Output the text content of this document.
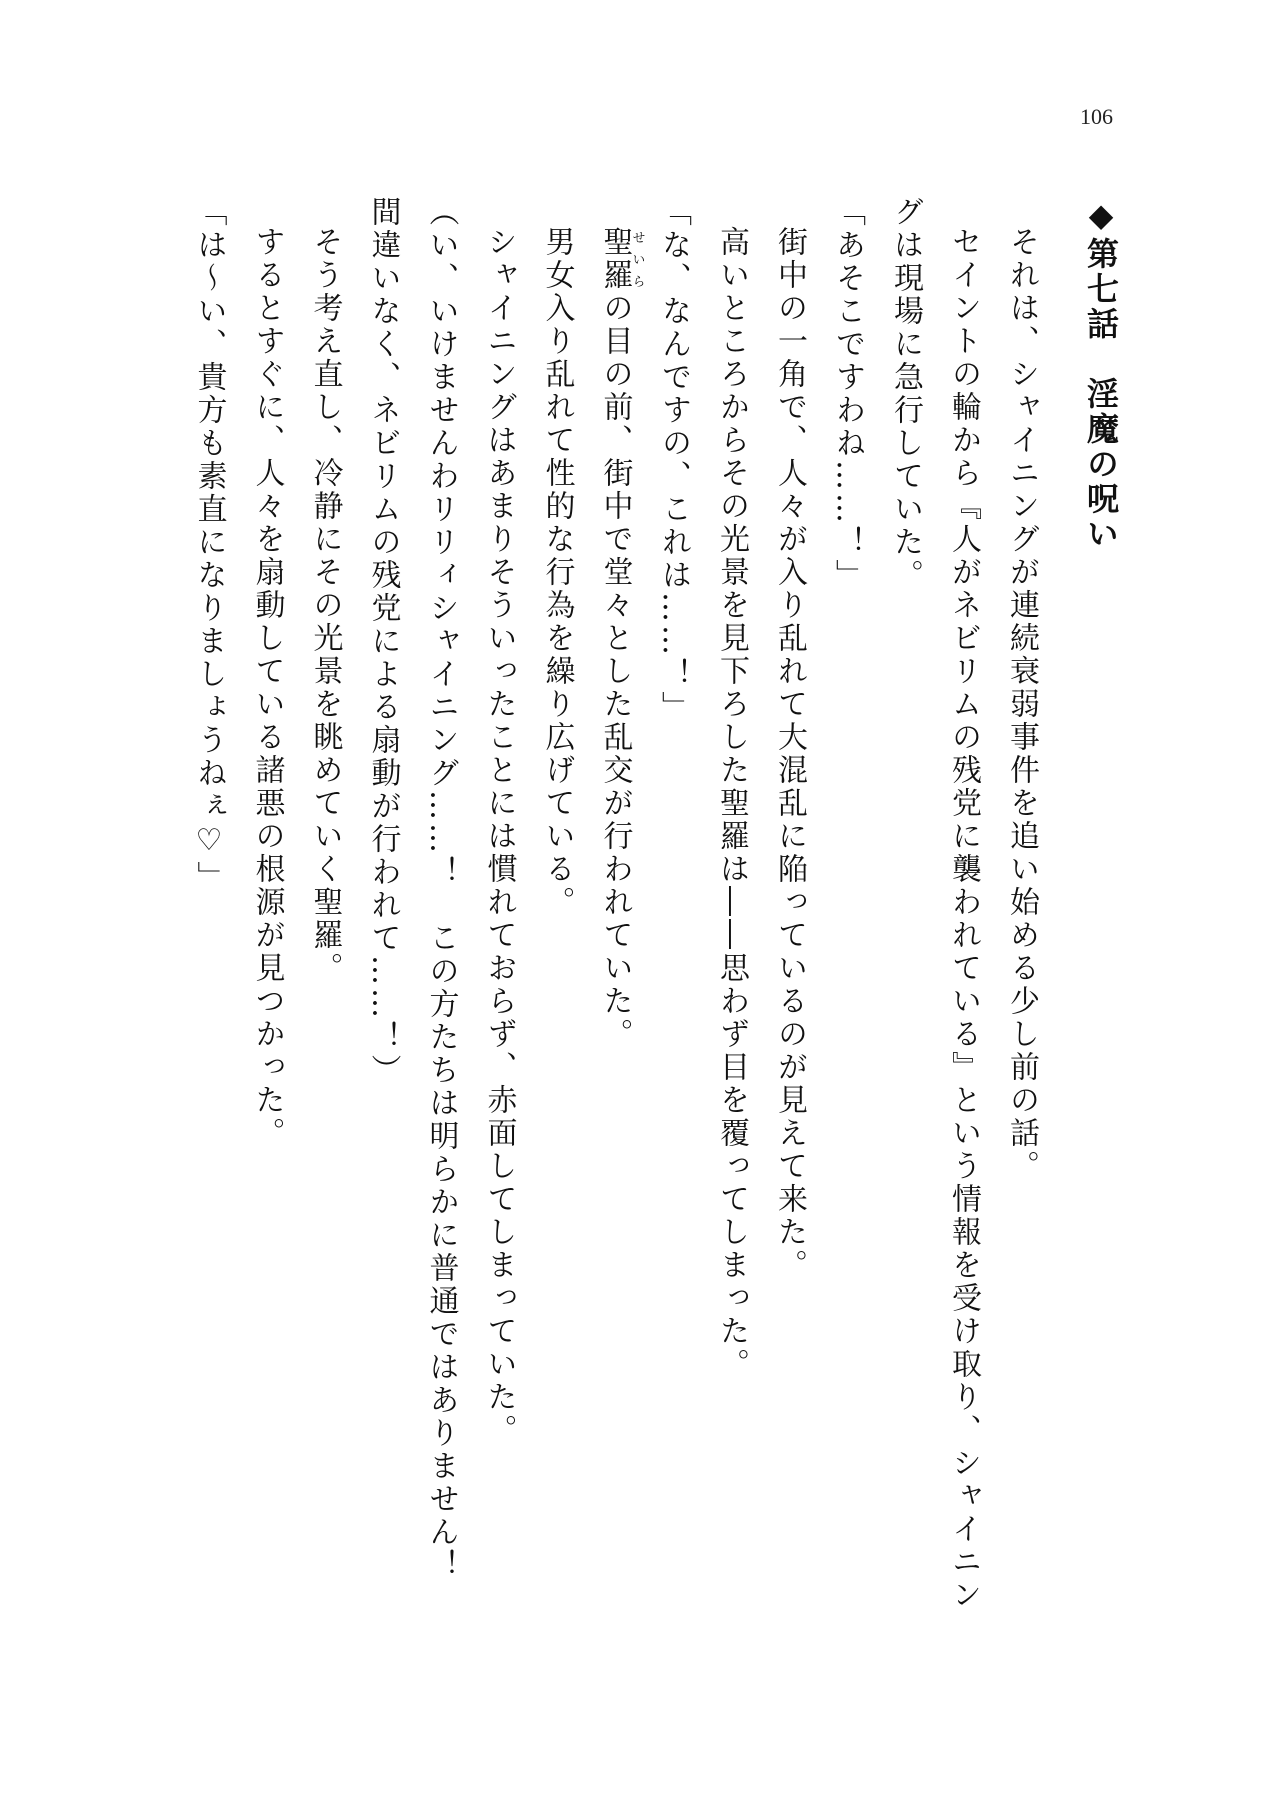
106
◆第七話　淫魔の呪い

それは、シャイニングが連続衰弱事件を追い始める少し前の話。

セイントの輪から『人がネビリムの残党に襲われている』という情報を受け取り、シャイニングは現場に急行していた。

「あそこですわね……！」

街中の一角で、人々が入り乱れて大混乱に陥っているのが見えて来た。

高いところからその光景を見下ろした聖羅は――思わず目を覆ってしまった。

「な、なんですの、これは……！」

聖羅せいらの目の前、街中で堂々とした乱交が行われていた。

男女入り乱れて性的な行為を繰り広げている。

シャイニングはあまりそういったことには慣れておらず、赤面してしまっていた。

（い、いけませんわリリィシャイニング……！　この方たちは明らかに普通ではありません！　間違いなく、ネビリムの残党による扇動が行われて……！）

そう考え直し、冷静にその光景を眺めていく聖羅。

するとすぐに、人々を扇動している諸悪の根源が見つかった。

「は～い、貴方も素直になりましょうねぇ♡」
